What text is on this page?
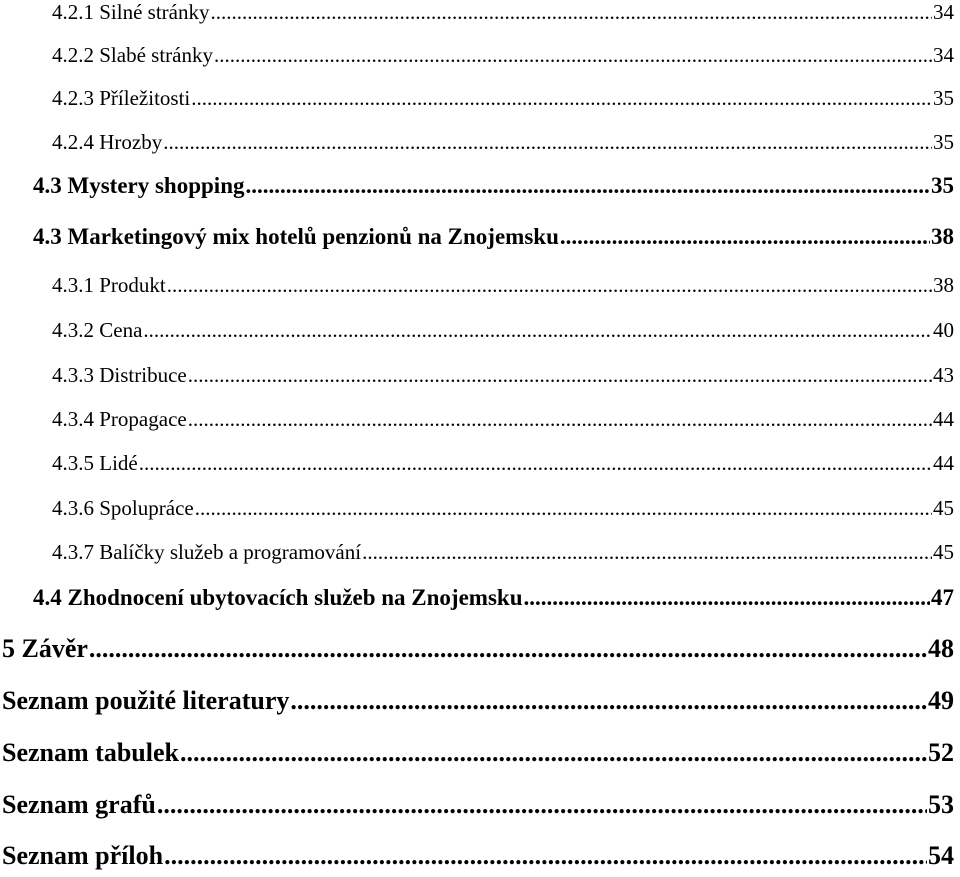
4.2.1 Silné stránky .....	34
4.2.2 Slabé stránky .....	34
4.2.3 Příležitosti .....	35
4.2.4 Hrozby .....	35
4.3 Mystery shopping .....	35
4.3 Marketingový mix hotelů penzionů na Znojemsku .....	38
4.3.1 Produkt .....	38
4.3.2 Cena .....	40
4.3.3 Distribuce .....	43
4.3.4 Propagace .....	44
4.3.5 Lidé .....	44
4.3.6 Spolupráce .....	45
4.3.7 Balíčky služeb a programování .....	45
4.4 Zhodnocení ubytovacích služeb na Znojemsku .....	47
5 Závěr .....	48
Seznam použité literatury .....	49
Seznam tabulek .....	52
Seznam grafů .....	53
Seznam příloh .....	54
